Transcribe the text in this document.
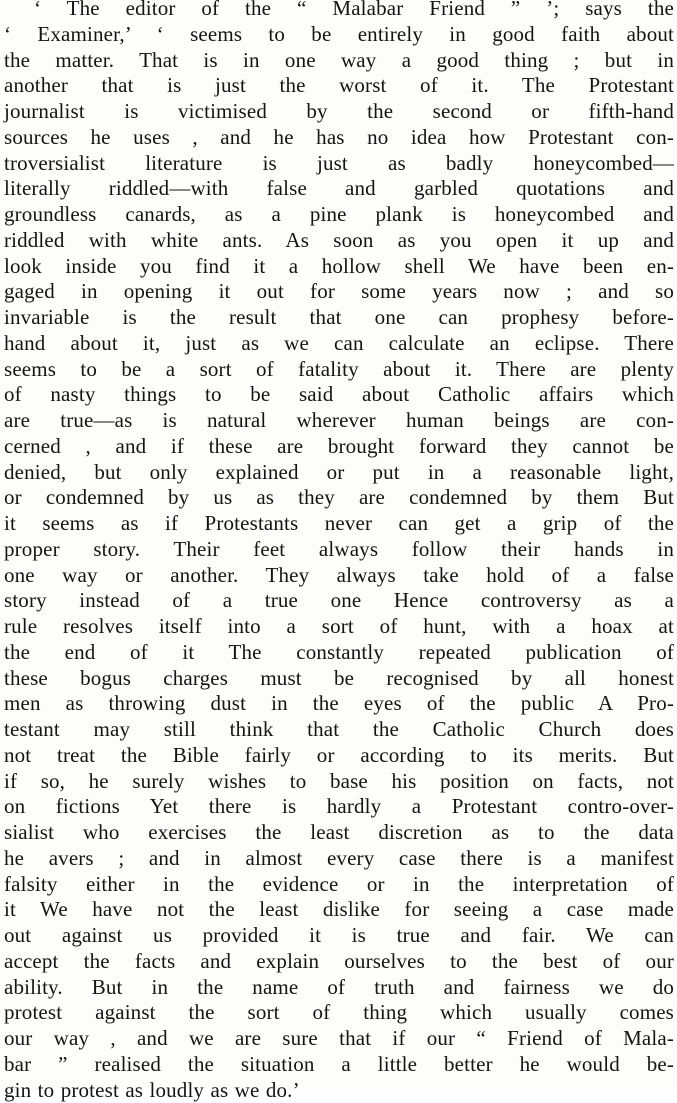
‘ The editor of the “ Malabar Friend ” ’; says the
‘ Examiner,’ ‘ seems to be entirely in good faith about
the matter. That is in one way a good thing ; but in
another that is just the worst of it. The Protestant
journalist is victimised by the second or fifth-hand
sources he uses , and he has no idea how Protestant con-
troversialist literature is just as badly honeycombed—
literally riddled—with false and garbled quotations and
groundless canards, as a pine plank is honeycombed and
riddled with white ants. As soon as you open it up and
look inside you find it a hollow shell We have been en-
gaged in opening it out for some years now ; and so
invariable is the result that one can prophesy before-
hand about it, just as we can calculate an eclipse. There
seems to be a sort of fatality about it. There are plenty
of nasty things to be said about Catholic affairs which
are true—as is natural wherever human beings are con-
cerned , and if these are brought forward they cannot be
denied, but only explained or put in a reasonable light,
or condemned by us as they are condemned by them But
it seems as if Protestants never can get a grip of the
proper story. Their feet always follow their hands in
one way or another. They always take hold of a false
story instead of a true one Hence controversy as a
rule resolves itself into a sort of hunt, with a hoax at
the end of it The constantly repeated publication of
these bogus charges must be recognised by all honest
men as throwing dust in the eyes of the public A Pro-
testant may still think that the Catholic Church does
not treat the Bible fairly or according to its merits. But
if so, he surely wishes to base his position on facts, not
on fictions Yet there is hardly a Protestant contro-over-
sialist who exercises the least discretion as to the data
he avers ; and in almost every case there is a manifest
falsity either in the evidence or in the interpretation of
it We have not the least dislike for seeing a case made
out against us provided it is true and fair. We can
accept the facts and explain ourselves to the best of our
ability. But in the name of truth and fairness we do
protest against the sort of thing which usually comes
our way , and we are sure that if our “ Friend of Mala-
bar ” realised the situation a little better he would be-
gin to protest as loudly as we do.’
